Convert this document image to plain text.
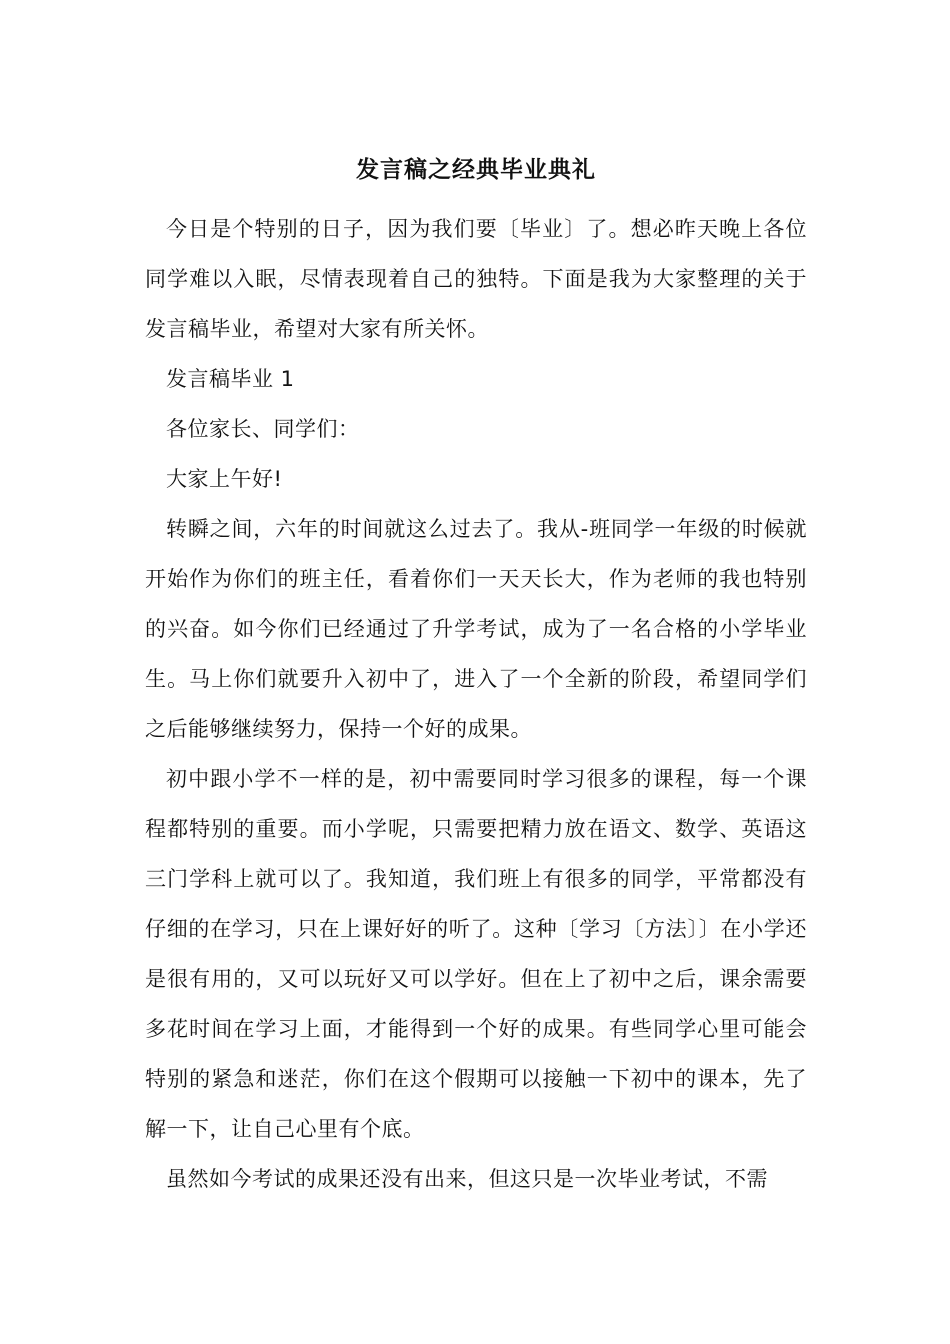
发言稿之经典毕业典礼

今日是个特别的日子，因为我们要〔毕业〕了。想必昨天晚上各位同学难以入眠，尽情表现着自己的独特。下面是我为大家整理的关于发言稿毕业，希望对大家有所关怀。

发言稿毕业 1

各位家长、同学们：

大家上午好!

转瞬之间，六年的时间就这么过去了。我从-班同学一年级的时候就开始作为你们的班主任，看着你们一天天长大，作为老师的我也特别的兴奋。如今你们已经通过了升学考试，成为了一名合格的小学毕业生。马上你们就要升入初中了，进入了一个全新的阶段，希望同学们之后能够继续努力，保持一个好的成果。

初中跟小学不一样的是，初中需要同时学习很多的课程，每一个课程都特别的重要。而小学呢，只需要把精力放在语文、数学、英语这三门学科上就可以了。我知道，我们班上有很多的同学，平常都没有仔细的在学习，只在上课好好的听了。这种〔学习〔方法〕〕在小学还是很有用的，又可以玩好又可以学好。但在上了初中之后，课余需要多花时间在学习上面，才能得到一个好的成果。有些同学心里可能会特别的紧急和迷茫，你们在这个假期可以接触一下初中的课本，先了解一下，让自己心里有个底。

虽然如今考试的成果还没有出来，但这只是一次毕业考试，不需
